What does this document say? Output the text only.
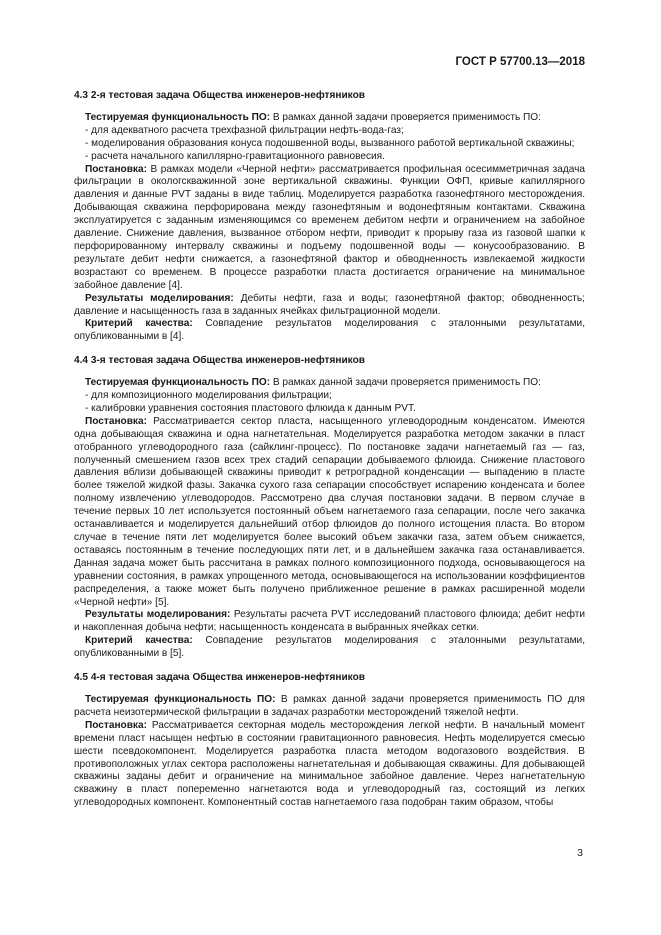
ГОСТ Р 57700.13—2018

4.3 2-я тестовая задача Общества инженеров-нефтяников

Тестируемая функциональность ПО: В рамках данной задачи проверяется применимость ПО:

- для адекватного расчета трехфазной фильтрации нефть-вода-газ;

- моделирования образования конуса подошвенной воды, вызванного работой вертикальной скважины;

- расчета начального капиллярно-гравитационного равновесия.

Постановка: В рамках модели «Черной нефти» рассматривается профильная осесимметричная задача фильтрации в окологскважинной зоне вертикальной скважины. Функции ОФП, кривые капиллярного давления и данные PVT заданы в виде таблиц. Моделируется разработка газонефтяного месторождения. Добывающая скважина перфорирована между газонефтяным и водонефтяным контактами. Скважина эксплуатируется с заданным изменяющимся со временем дебитом нефти и ограничением на забойное давление. Снижение давления, вызванное отбором нефти, приводит к прорыву газа из газовой шапки к перфорированному интервалу скважины и подъему подошвенной воды — конусообразованию. В результате дебит нефти снижается, а газонефтяной фактор и обводненность извлекаемой жидкости возрастают со временем. В процессе разработки пласта достигается ограничение на минимальное забойное давление [4].

Результаты моделирования: Дебиты нефти, газа и воды; газонефтяной фактор; обводненность; давление и насыщенность газа в заданных ячейках фильтрационной модели.

Критерий качества: Совпадение результатов моделирования с эталонными результатами, опубликованными в [4].

4.4 3-я тестовая задача Общества инженеров-нефтяников

Тестируемая функциональность ПО: В рамках данной задачи проверяется применимость ПО:

- для композиционного моделирования фильтрации;

- калибровки уравнения состояния пластового флюида к данным PVT.

Постановка: Рассматривается сектор пласта, насыщенного углеводородным конденсатом. Имеются одна добывающая скважина и одна нагнетательная. Моделируется разработка методом закачки в пласт отобранного углеводородного газа (сайклинг-процесс). По постановке задачи нагнетаемый газ — газ, полученный смешением газов всех трех стадий сепарации добываемого флюида. Снижение пластового давления вблизи добывающей скважины приводит к ретроградной конденсации — выпадению в пласте более тяжелой жидкой фазы. Закачка сухого газа сепарации способствует испарению конденсата и более полному извлечению углеводородов. Рассмотрено два случая постановки задачи. В первом случае в течение первых 10 лет используется постоянный объем нагнетаемого газа сепарации, после чего закачка останавливается и моделируется дальнейший отбор флюидов до полного истощения пласта. Во втором случае в течение пяти лет моделируется более высокий объем закачки газа, затем объем снижается, оставаясь постоянным в течение последующих пяти лет, и в дальнейшем закачка газа останавливается. Данная задача может быть рассчитана в рамках полного композиционного подхода, основывающегося на уравнении состояния, в рамках упрощенного метода, основывающегося на использовании коэффициентов распределения, а также может быть получено приближенное решение в рамках расширенной модели «Черной нефти» [5].

Результаты моделирования: Результаты расчета PVT исследований пластового флюида; дебит нефти и накопленная добыча нефти; насыщенность конденсата в выбранных ячейках сетки.

Критерий качества: Совпадение результатов моделирования с эталонными результатами, опубликованными в [5].

4.5 4-я тестовая задача Общества инженеров-нефтяников

Тестируемая функциональность ПО: В рамках данной задачи проверяется применимость ПО для расчета неизотермической фильтрации в задачах разработки месторождений тяжелой нефти.

Постановка: Рассматривается секторная модель месторождения легкой нефти. В начальный момент времени пласт насыщен нефтью в состоянии гравитационного равновесия. Нефть моделируется смесью шести псевдокомпонент. Моделируется разработка пласта методом водогазового воздействия. В противоположных углах сектора расположены нагнетательная и добывающая скважины. Для добывающей скважины заданы дебит и ограничение на минимальное забойное давление. Через нагнетательную скважину в пласт попеременно нагнетаются вода и углеводородный газ, состоящий из легких углеводородных компонент. Компонентный состав нагнетаемого газа подобран таким образом, чтобы

3
